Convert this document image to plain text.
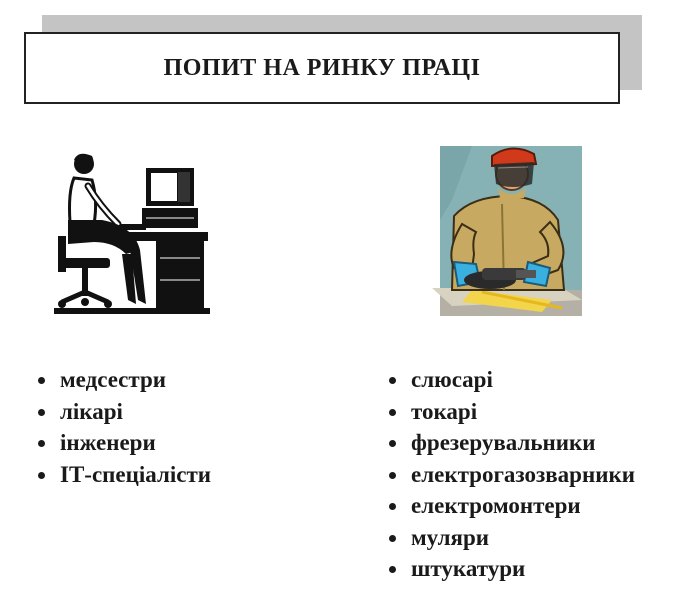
ПОПИТ НА РИНКУ ПРАЦІ
медсестри
лікарі
інженери
ІТ-спеціалісти
слюсарі
токарі
фрезерувальники
електрогазозварники
електромонтери
муляри
штукатури
